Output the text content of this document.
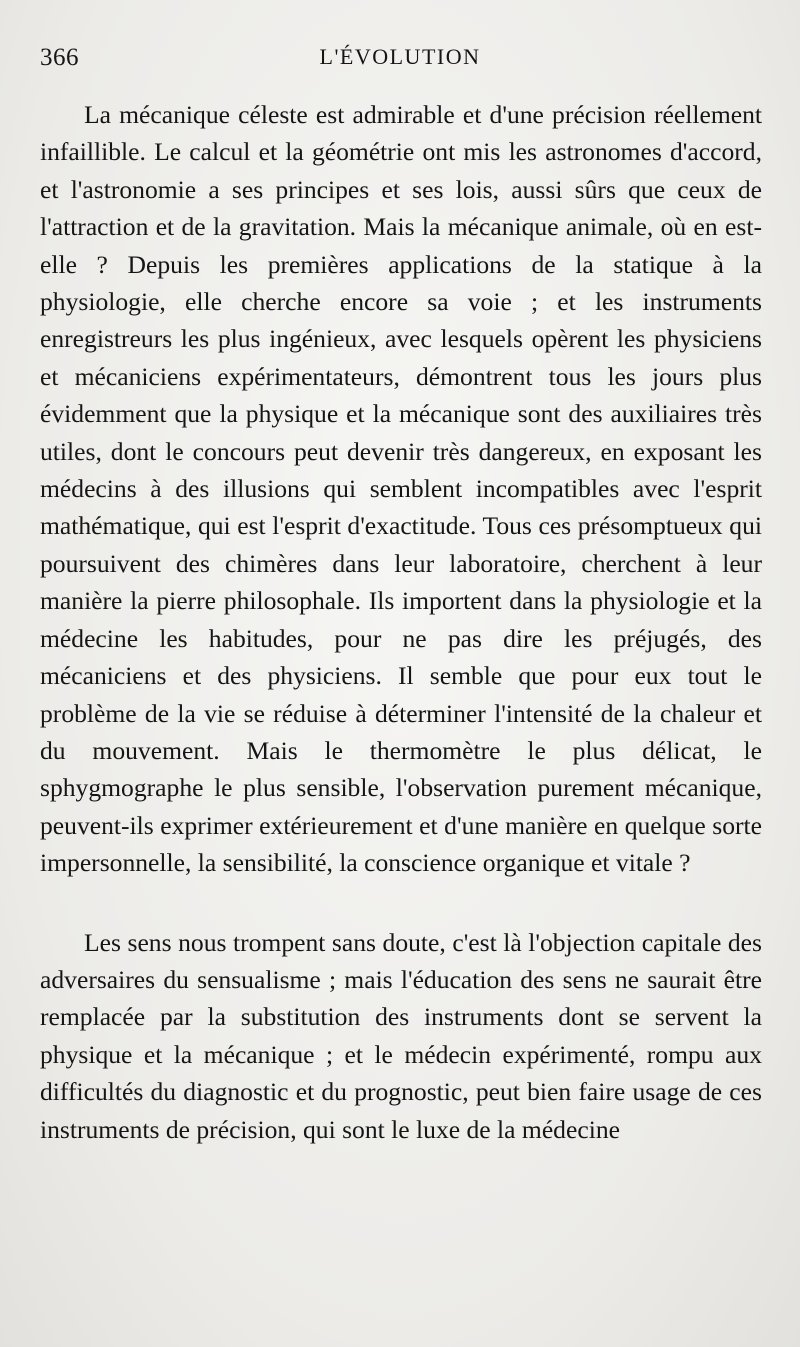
366	L'ÉVOLUTION

La mécanique céleste est admirable et d'une précision réellement infaillible. Le calcul et la géométrie ont mis les astronomes d'accord, et l'astronomie a ses principes et ses lois, aussi sûrs que ceux de l'attraction et de la gravitation. Mais la mécanique animale, où en est-elle ? Depuis les premières applications de la statique à la physiologie, elle cherche encore sa voie ; et les instruments enregistreurs les plus ingénieux, avec lesquels opèrent les physiciens et mécaniciens expérimentateurs, démontrent tous les jours plus évidemment que la physique et la mécanique sont des auxiliaires très utiles, dont le concours peut devenir très dangereux, en exposant les médecins à des illusions qui semblent incompatibles avec l'esprit mathématique, qui est l'esprit d'exactitude. Tous ces présomptueux qui poursuivent des chimères dans leur laboratoire, cherchent à leur manière la pierre philosophale. Ils importent dans la physiologie et la médecine les habitudes, pour ne pas dire les préjugés, des mécaniciens et des physiciens. Il semble que pour eux tout le problème de la vie se réduise à déterminer l'intensité de la chaleur et du mouvement. Mais le thermomètre le plus délicat, le sphygmographe le plus sensible, l'observation purement mécanique, peuvent-ils exprimer extérieurement et d'une manière en quelque sorte impersonnelle, la sensibilité, la conscience organique et vitale ?

Les sens nous trompent sans doute, c'est là l'objection capitale des adversaires du sensualisme ; mais l'éducation des sens ne saurait être remplacée par la substitution des instruments dont se servent la physique et la mécanique ; et le médecin expérimenté, rompu aux difficultés du diagnostic et du prognostic, peut bien faire usage de ces instruments de précision, qui sont le luxe de la médecine
